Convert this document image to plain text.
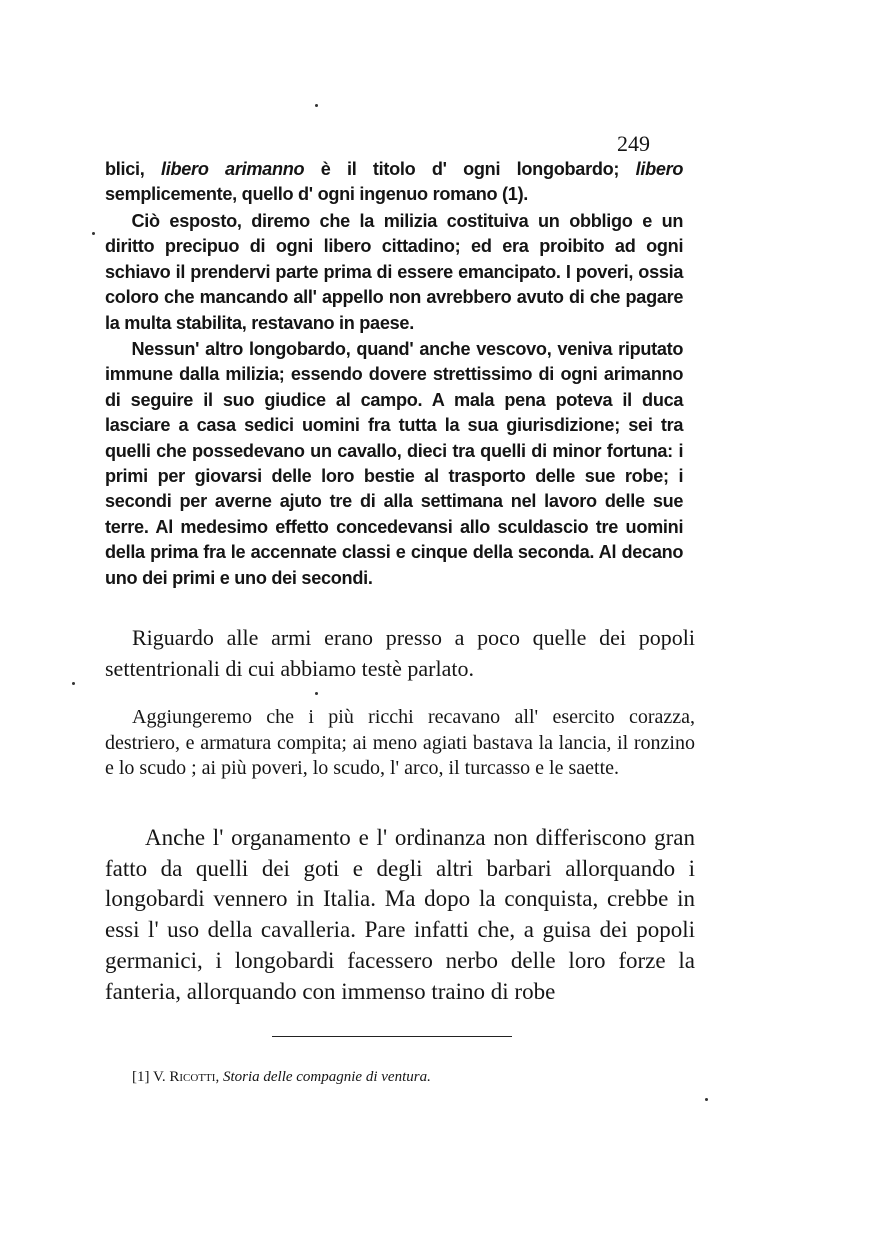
249

blici, libero arimanno è il titolo d' ogni longobardo; libero semplicemente, quello d' ogni ingenuo romano (1).

Ciò esposto, diremo che la milizia costituiva un obbligo e un diritto precipuo di ogni libero cittadino; ed era proibito ad ogni schiavo il prendervi parte prima di essere emancipato. I poveri, ossia coloro che mancando all' appello non avrebbero avuto di che pagare la multa stabilita, restavano in paese.

Nessun' altro longobardo, quand' anche vescovo, veniva riputato immune dalla milizia; essendo dovere strettissimo di ogni arimanno di seguire il suo giudice al campo. A mala pena poteva il duca lasciare a casa sedici uomini fra tutta la sua giurisdizione; sei tra quelli che possedevano un cavallo, dieci tra quelli di minor fortuna: i primi per giovarsi delle loro bestie al trasporto delle sue robe; i secondi per averne ajuto tre di alla settimana nel lavoro delle sue terre. Al medesimo effetto concedevansi allo sculdascio tre uomini della prima fra le accennate classi e cinque della seconda. Al decano uno dei primi e uno dei secondi.

Riguardo alle armi erano presso a poco quelle dei popoli settentrionali di cui abbiamo testè parlato.

Aggiungeremo che i più ricchi recavano all' esercito corazza, destriero, e armatura compita; ai meno agiati bastava la lancia, il ronzino e lo scudo ; ai più poveri, lo scudo, l' arco, il turcasso e le saette.

Anche l' organamento e l' ordinanza non differiscono gran fatto da quelli dei goti e degli altri barbari allorquando i longobardi vennero in Italia. Ma dopo la conquista, crebbe in essi l' uso della cavalleria. Pare infatti che, a guisa dei popoli germanici, i longobardi facessero nerbo delle loro forze la fanteria, allorquando con immenso traino di robe

[1] V. Ricotti, Storia delle compagnie di ventura.
